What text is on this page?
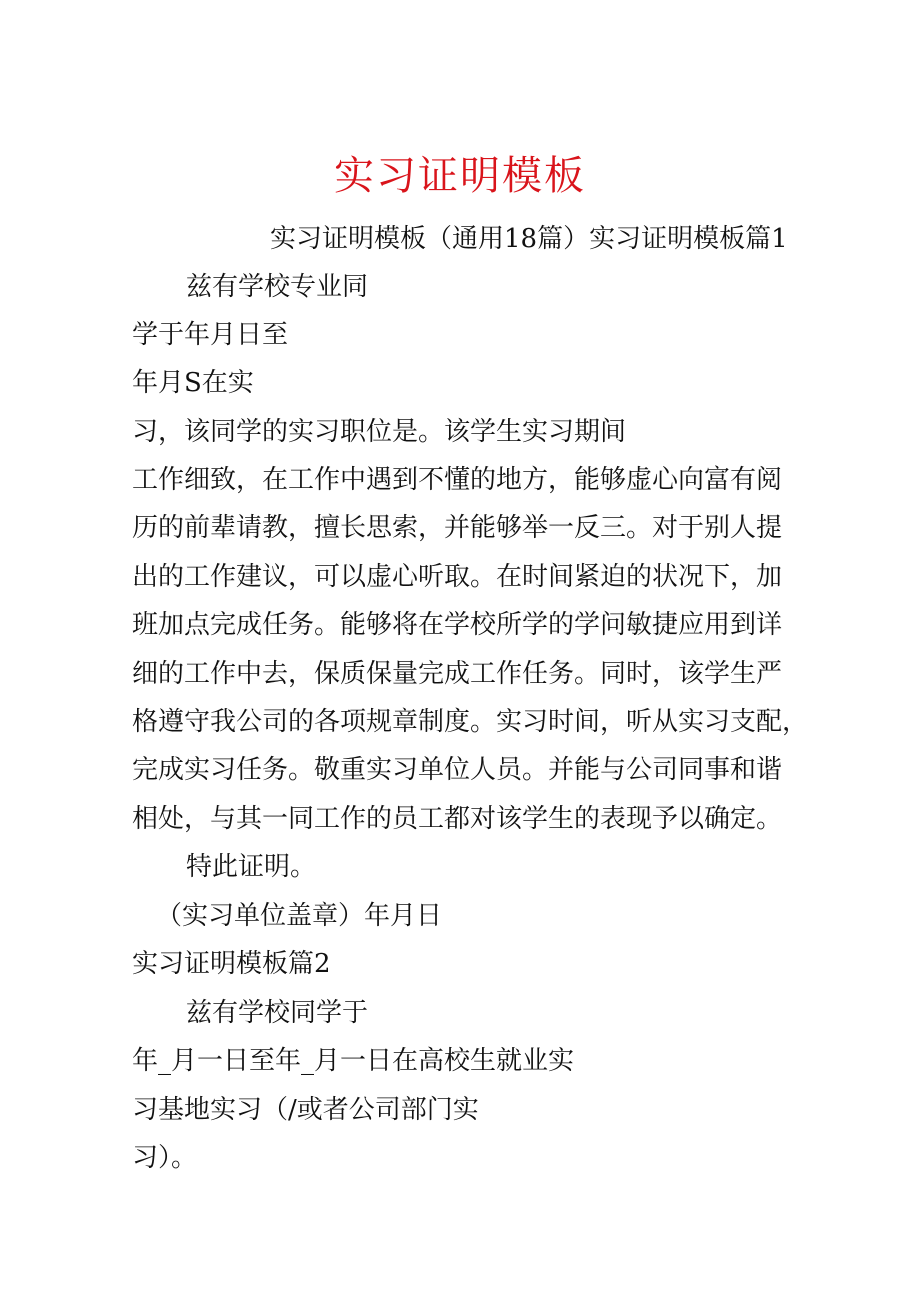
实习证明模板

实习证明模板（通用18篇）实习证明模板篇1

兹有学校专业同

学于年月日至

年月S在实

习，该同学的实习职位是。该学生实习期间

工作细致，在工作中遇到不懂的地方，能够虚心向富有阅

历的前辈请教，擅长思索，并能够举一反三。对于别人提

出的工作建议，可以虚心听取。在时间紧迫的状况下，加

班加点完成任务。能够将在学校所学的学问敏捷应用到详

细的工作中去，保质保量完成工作任务。同时，该学生严

格遵守我公司的各项规章制度。实习时间，听从实习支配，

完成实习任务。敬重实习单位人员。并能与公司同事和谐

相处，与其一同工作的员工都对该学生的表现予以确定。

特此证明。

（实习单位盖章）年月日

实习证明模板篇2

兹有学校同学于

年_月一日至年_月一日在高校生就业实

习基地实习（/或者公司部门实

习）。
